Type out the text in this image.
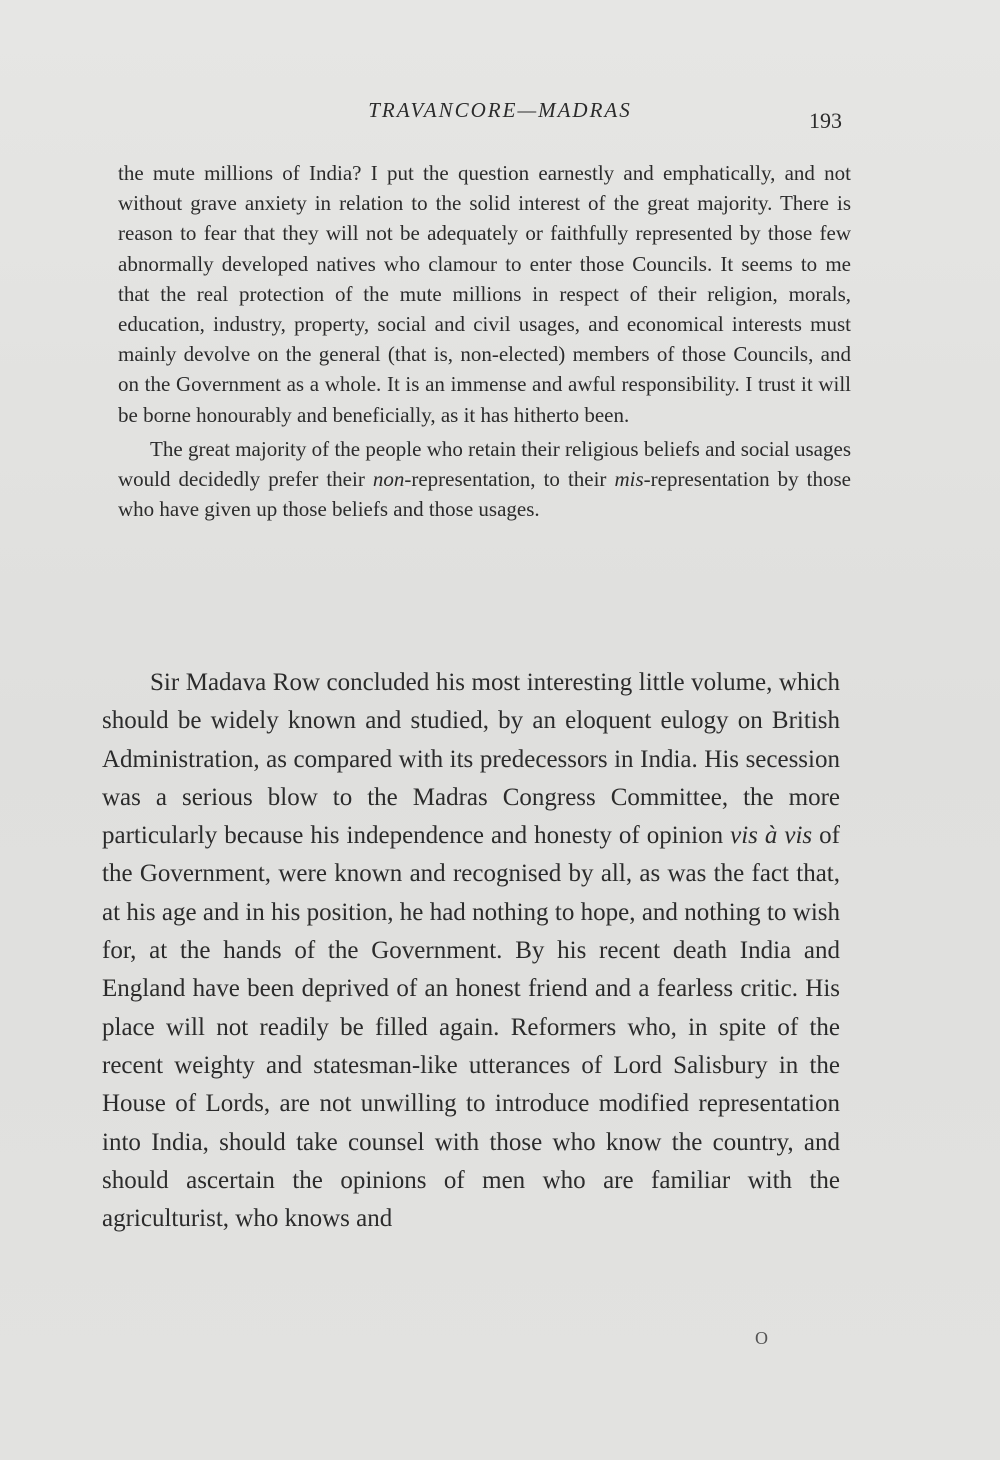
TRAVANCORE—MADRAS	193

the mute millions of India? I put the question earnestly and emphatically, and not without grave anxiety in relation to the solid interest of the great majority. There is reason to fear that they will not be adequately or faithfully represented by those few abnormally developed natives who clamour to enter those Councils. It seems to me that the real protection of the mute millions in respect of their religion, morals, education, industry, property, social and civil usages, and economical interests must mainly devolve on the general (that is, non-elected) members of those Councils, and on the Government as a whole. It is an immense and awful responsibility. I trust it will be borne honourably and beneficially, as it has hitherto been.

The great majority of the people who retain their religious beliefs and social usages would decidedly prefer their non-representation, to their mis-representation by those who have given up those beliefs and those usages.

Sir Madava Row concluded his most interesting little volume, which should be widely known and studied, by an eloquent eulogy on British Administration, as compared with its predecessors in India. His secession was a serious blow to the Madras Congress Committee, the more particularly because his independence and honesty of opinion vis à vis of the Government, were known and recognised by all, as was the fact that, at his age and in his position, he had nothing to hope, and nothing to wish for, at the hands of the Government. By his recent death India and England have been deprived of an honest friend and a fearless critic. His place will not readily be filled again. Reformers who, in spite of the recent weighty and statesman-like utterances of Lord Salisbury in the House of Lords, are not unwilling to introduce modified representation into India, should take counsel with those who know the country, and should ascertain the opinions of men who are familiar with the agriculturist, who knows and

O
